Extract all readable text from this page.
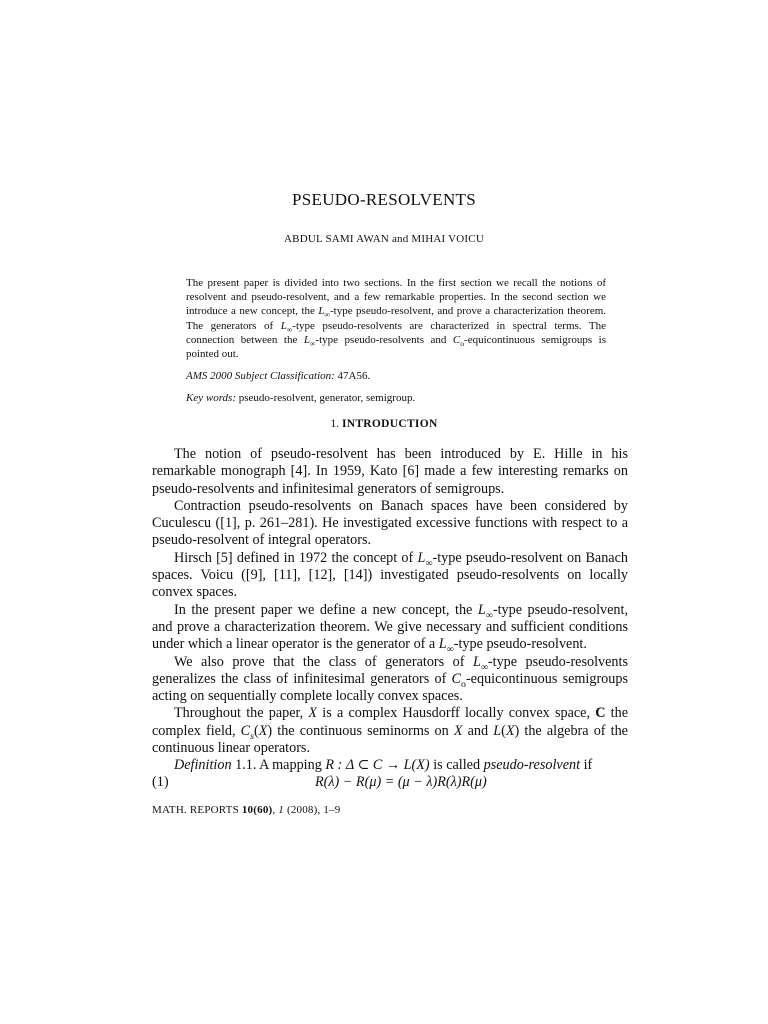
PSEUDO-RESOLVENTS
ABDUL SAMI AWAN and MIHAI VOICU

The present paper is divided into two sections. In the first section we recall the notions of resolvent and pseudo-resolvent, and a few remarkable properties. In the second section we introduce a new concept, the $L_\infty$-type pseudo-resolvent, and prove a characterization theorem. The generators of $L_\infty$-type pseudo-resolvents are characterized in spectral terms. The connection between the $L_\infty$-type pseudo-resolvents and $C_o$-equicontinuous semigroups is pointed out.

AMS 2000 Subject Classification: 47A56.

Key words: pseudo-resolvent, generator, semigroup.

1. INTRODUCTION

The notion of pseudo-resolvent has been introduced by E. Hille in his remarkable monograph [4]. In 1959, Kato [6] made a few interesting remarks on pseudo-resolvents and infinitesimal generators of semigroups.

Contraction pseudo-resolvents on Banach spaces have been considered by Cuculescu ([1], p. 261–281). He investigated excessive functions with respect to a pseudo-resolvent of integral operators.

Hirsch [5] defined in 1972 the concept of $L_\infty$-type pseudo-resolvent on Banach spaces. Voicu ([9], [11], [12], [14]) investigated pseudo-resolvents on locally convex spaces.

In the present paper we define a new concept, the $L_\infty$-type pseudo-resolvent, and prove a characterization theorem. We give necessary and sufficient conditions under which a linear operator is the generator of a $L_\infty$-type pseudo-resolvent.

We also prove that the class of generators of $L_\infty$-type pseudo-resolvents generalizes the class of infinitesimal generators of $C_o$-equicontinuous semigroups acting on sequentially complete locally convex spaces.

Throughout the paper, X is a complex Hausdorff locally convex space, C the complex field, $C_s(X)$ the continuous seminorms on X and L(X) the algebra of the continuous linear operators.

Definition 1.1. A mapping R : Δ ⊂ C → L(X) is called pseudo-resolvent if

(1)	R(λ) − R(μ) = (μ − λ)R(λ)R(μ)
MATH. REPORTS 10(60), 1 (2008), 1–9
